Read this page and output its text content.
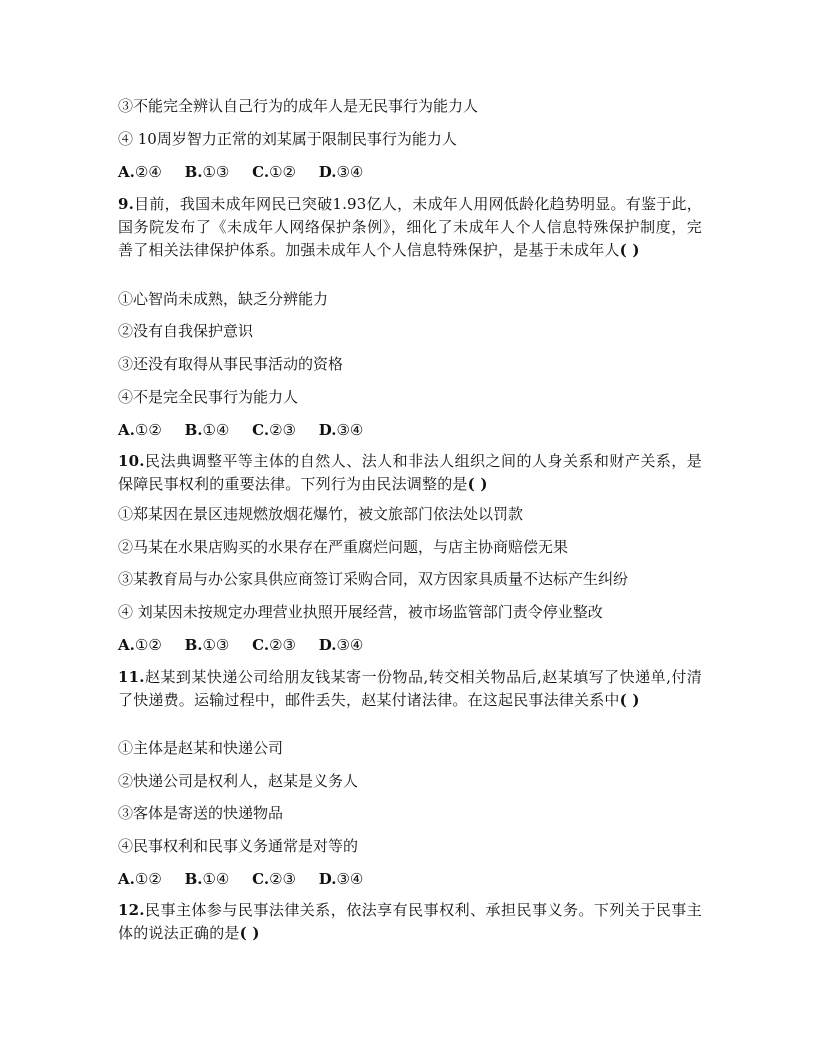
③不能完全辨认自己行为的成年人是无民事行为能力人
④ 10周岁智力正常的刘某属于限制民事行为能力人
A.②④ B.①③ C.①② D.③④
9.目前，我国未成年网民已突破1.93亿人，未成年人用网低龄化趋势明显。有鉴于此，国务院发布了《未成年人网络保护条例》，细化了未成年人个人信息特殊保护制度，完善了相关法律保护体系。加强未成年人个人信息特殊保护，是基于未成年人( )
①心智尚未成熟，缺乏分辨能力
②没有自我保护意识
③还没有取得从事民事活动的资格
④不是完全民事行为能力人
A.①② B.①④ C.②③ D.③④
10.民法典调整平等主体的自然人、法人和非法人组织之间的人身关系和财产关系，是保障民事权利的重要法律。下列行为由民法调整的是( )
①郑某因在景区违规燃放烟花爆竹，被文旅部门依法处以罚款
②马某在水果店购买的水果存在严重腐烂问题，与店主协商赔偿无果
③某教育局与办公家具供应商签订采购合同，双方因家具质量不达标产生纠纷
④ 刘某因未按规定办理营业执照开展经营，被市场监管部门责令停业整改
A.①② B.①③ C.②③ D.③④
11.赵某到某快递公司给朋友钱某寄一份物品,转交相关物品后,赵某填写了快递单,付清了快递费。运输过程中，邮件丢失，赵某付诸法律。在这起民事法律关系中( )
①主体是赵某和快递公司
②快递公司是权利人，赵某是义务人
③客体是寄送的快递物品
④民事权利和民事义务通常是对等的
A.①② B.①④ C.②③ D.③④
12.民事主体参与民事法律关系，依法享有民事权利、承担民事义务。下列关于民事主体的说法正确的是( )
